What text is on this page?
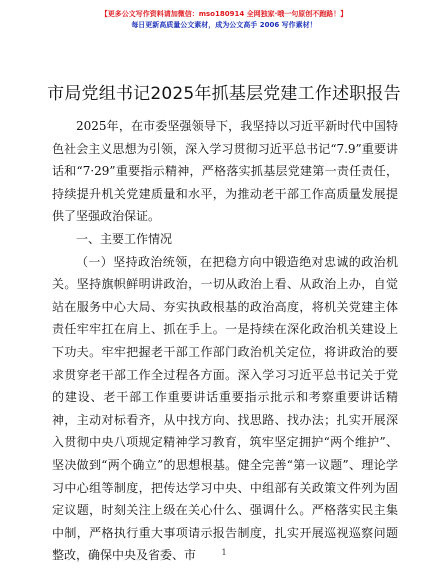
【更多公文写作资料请加微信：mso180914 全网独家·哦一句原创不跑路！】
每日更新高质量公文素材，成为公文高手 2006 写作素材！
市局党组书记2025年抓基层党建工作述职报告

2025年，在市委坚强领导下，我坚持以习近平新时代中国特色社会主义思想为引领，深入学习贯彻习近平总书记“7.9”重要讲话和“7·29”重要指示精神，严格落实抓基层党建第一责任责任，持续提升机关党建质量和水平，为推动老干部工作高质量发展提供了坚强政治保证。

一、主要工作情况

（一）坚持政治统领，在把稳方向中锻造绝对忠诚的政治机关。坚持旗帜鲜明讲政治，一切从政治上看、从政治上办，自觉站在服务中心大局、夯实执政根基的政治高度，将机关党建主体责任牢牢扛在肩上、抓在手上。一是持续在深化政治机关建设上下功夫。牢牢把握老干部工作部门政治机关定位，将讲政治的要求贯穿老干部工作全过程各方面。深入学习习近平总书记关于党的建设、老干部工作重要讲话重要指示批示和考察重要讲话精神，主动对标看齐，从中找方向、找思路、找办法；扎实开展深入贯彻中央八项规定精神学习教育，筑牢坚定拥护“两个维护”、坚决做到“两个确立”的思想根基。健全完善“第一议题”、理论学习中心组等制度，把传达学习中央、中组部有关政策文件列为固定议题，时刻关注上级在关心什么、强调什么。严格落实民主集中制，严格执行重大事项请示报告制度，扎实开展巡视巡察问题整改，确保中央及省委、市	1
